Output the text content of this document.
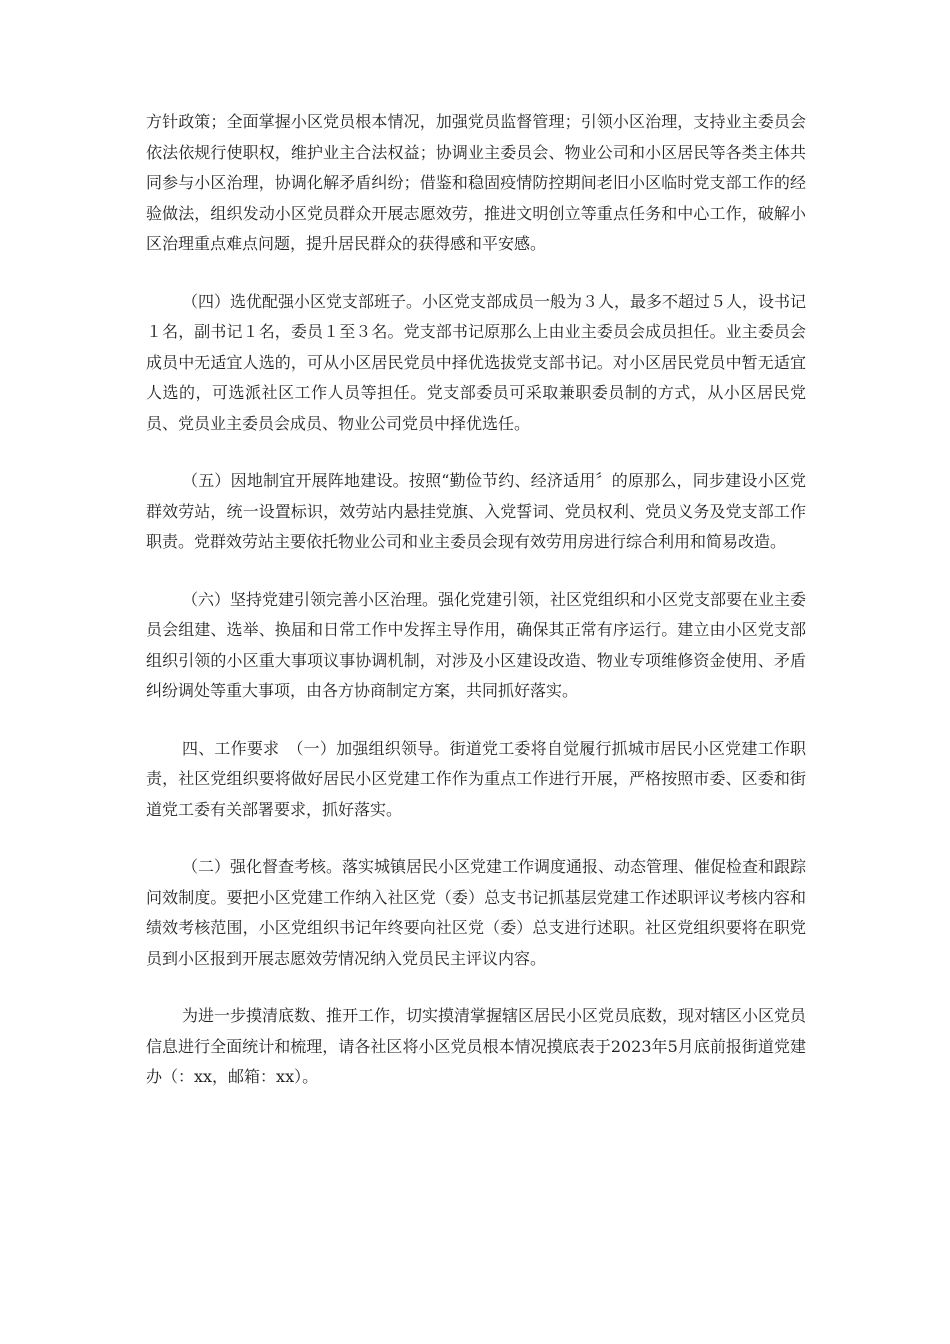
方针政策；全面掌握小区党员根本情况，加强党员监督管理；引领小区治理，支持业主委员会依法依规行使职权，维护业主合法权益；协调业主委员会、物业公司和小区居民等各类主体共同参与小区治理，协调化解矛盾纠纷；借鉴和稳固疫情防控期间老旧小区临时党支部工作的经验做法，组织发动小区党员群众开展志愿效劳，推进文明创立等重点任务和中心工作，破解小区治理重点难点问题，提升居民群众的获得感和平安感。

（四）选优配强小区党支部班子。小区党支部成员一般为３人，最多不超过５人，设书记１名，副书记１名，委员１至３名。党支部书记原那么上由业主委员会成员担任。业主委员会成员中无适宜人选的，可从小区居民党员中择优选拔党支部书记。对小区居民党员中暂无适宜人选的，可选派社区工作人员等担任。党支部委员可采取兼职委员制的方式，从小区居民党员、党员业主委员会成员、物业公司党员中择优选任。

（五）因地制宜开展阵地建设。按照“勤俭节约、经济适用〞的原那么，同步建设小区党群效劳站，统一设置标识，效劳站内悬挂党旗、入党誓词、党员权利、党员义务及党支部工作职责。党群效劳站主要依托物业公司和业主委员会现有效劳用房进行综合利用和简易改造。

（六）坚持党建引领完善小区治理。强化党建引领，社区党组织和小区党支部要在业主委员会组建、选举、换届和日常工作中发挥主导作用，确保其正常有序运行。建立由小区党支部组织引领的小区重大事项议事协调机制，对涉及小区建设改造、物业专项维修资金使用、矛盾纠纷调处等重大事项，由各方协商制定方案，共同抓好落实。

四、工作要求　（一）加强组织领导。街道党工委将自觉履行抓城市居民小区党建工作职责，社区党组织要将做好居民小区党建工作作为重点工作进行开展，严格按照市委、区委和街道党工委有关部署要求，抓好落实。

（二）强化督查考核。落实城镇居民小区党建工作调度通报、动态管理、催促检查和跟踪问效制度。要把小区党建工作纳入社区党（委）总支书记抓基层党建工作述职评议考核内容和绩效考核范围，小区党组织书记年终要向社区党（委）总支进行述职。社区党组织要将在职党员到小区报到开展志愿效劳情况纳入党员民主评议内容。

为进一步摸清底数、推开工作，切实摸清掌握辖区居民小区党员底数，现对辖区小区党员信息进行全面统计和梳理，请各社区将小区党员根本情况摸底表于2023年5月底前报街道党建办（：xx，邮箱：xx）。
